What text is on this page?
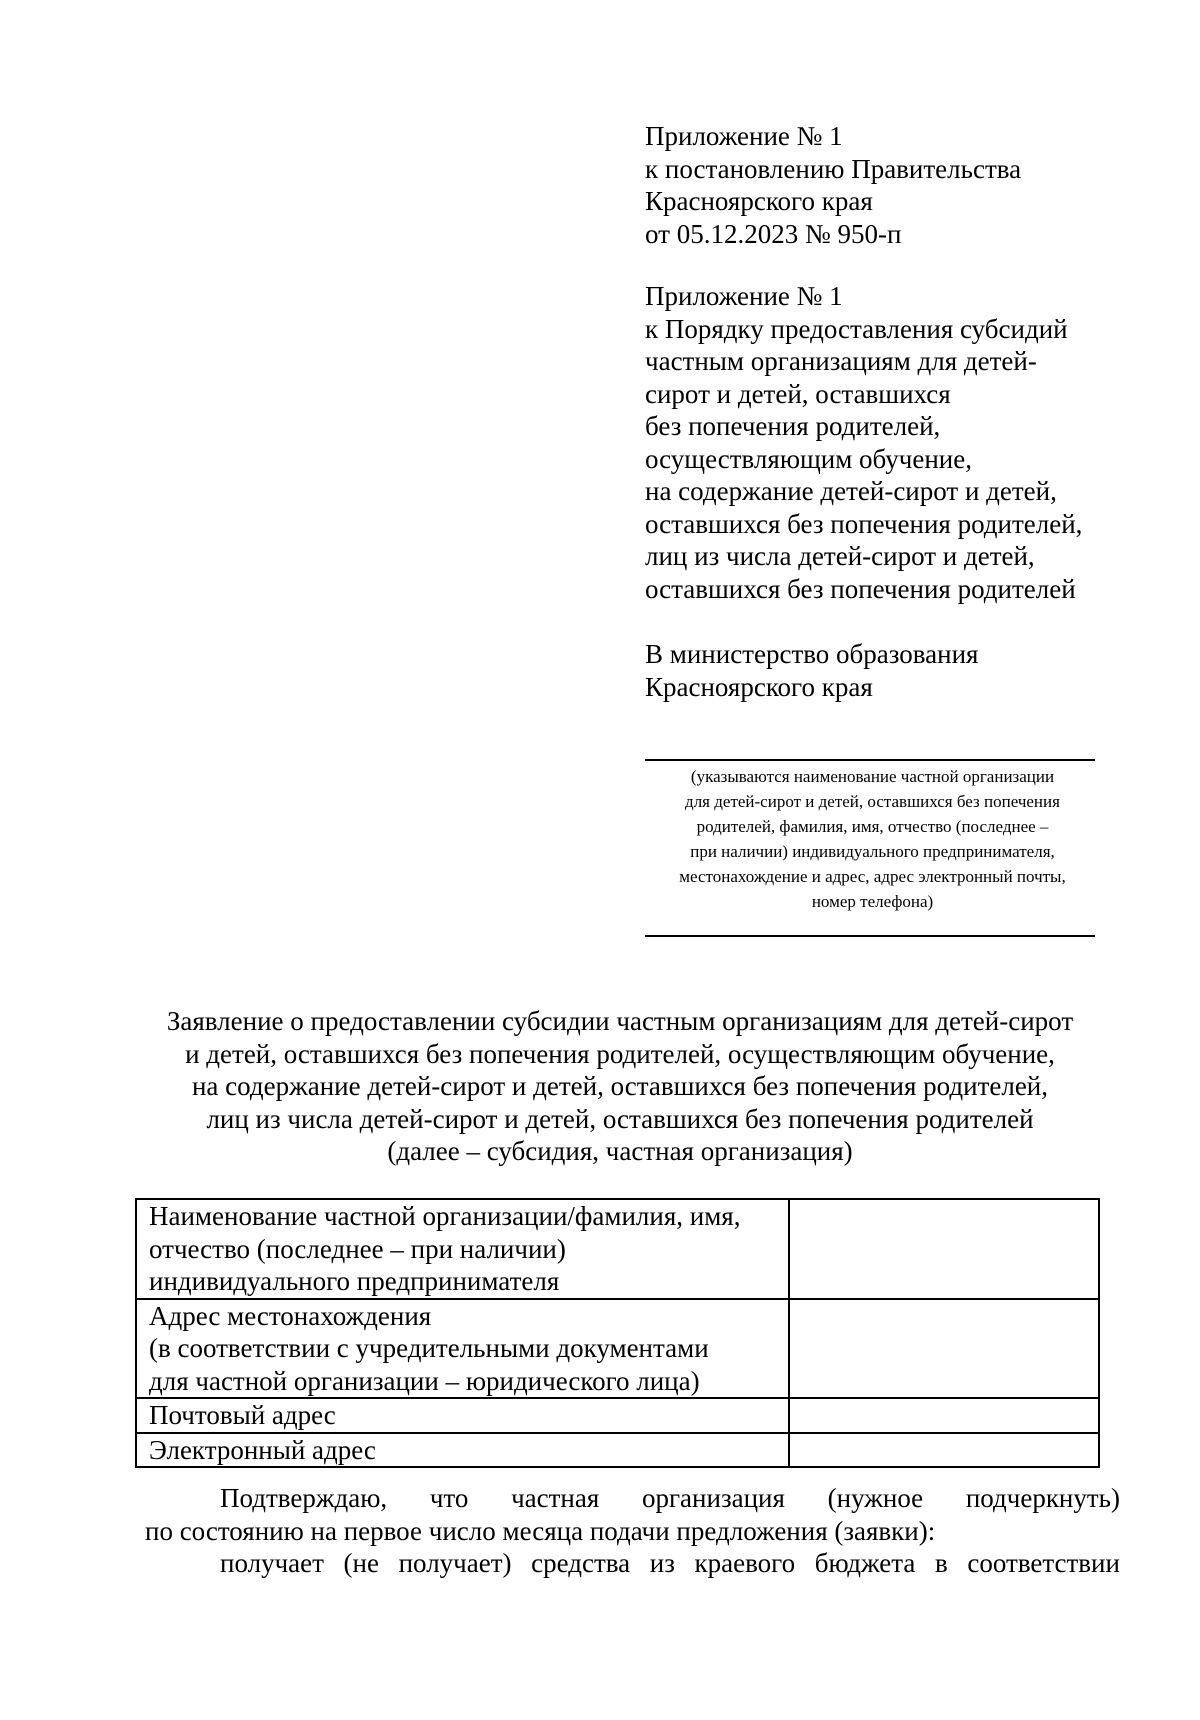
Приложение № 1
к постановлению Правительства
Красноярского края
от 05.12.2023 № 950-п
Приложение № 1
к Порядку предоставления субсидий
частным организациям для детей-
сирот и детей, оставшихся
без попечения родителей,
осуществляющим обучение,
на содержание детей-сирот и детей,
оставшихся без попечения родителей,
лиц из числа детей-сирот и детей,
оставшихся без попечения родителей
В министерство образования
Красноярского края
(указываются наименование частной организации
для детей-сирот и детей, оставшихся без попечения
родителей, фамилия, имя, отчество (последнее –
при наличии) индивидуального предпринимателя,
местонахождение и адрес, адрес электронный почты,
номер телефона)
Заявление о предоставлении субсидии частным организациям для детей-сирот
и детей, оставшихся без попечения родителей, осуществляющим обучение,
на содержание детей-сирот и детей, оставшихся без попечения родителей,
лиц из числа детей-сирот и детей, оставшихся без попечения родителей
(далее – субсидия, частная организация)
Наименование частной организации/фамилия, имя,
отчество (последнее – при наличии)
индивидуального предпринимателя	

Адрес местонахождения
(в соответствии с учредительными документами
для частной организации – юридического лица)	

Почтовый адрес	

Электронный адрес	

Подтверждаю, что частная организация (нужное подчеркнуть)
по состоянию на первое число месяца подачи предложения (заявки):
получает (не получает) средства из краевого бюджета в соответствии
